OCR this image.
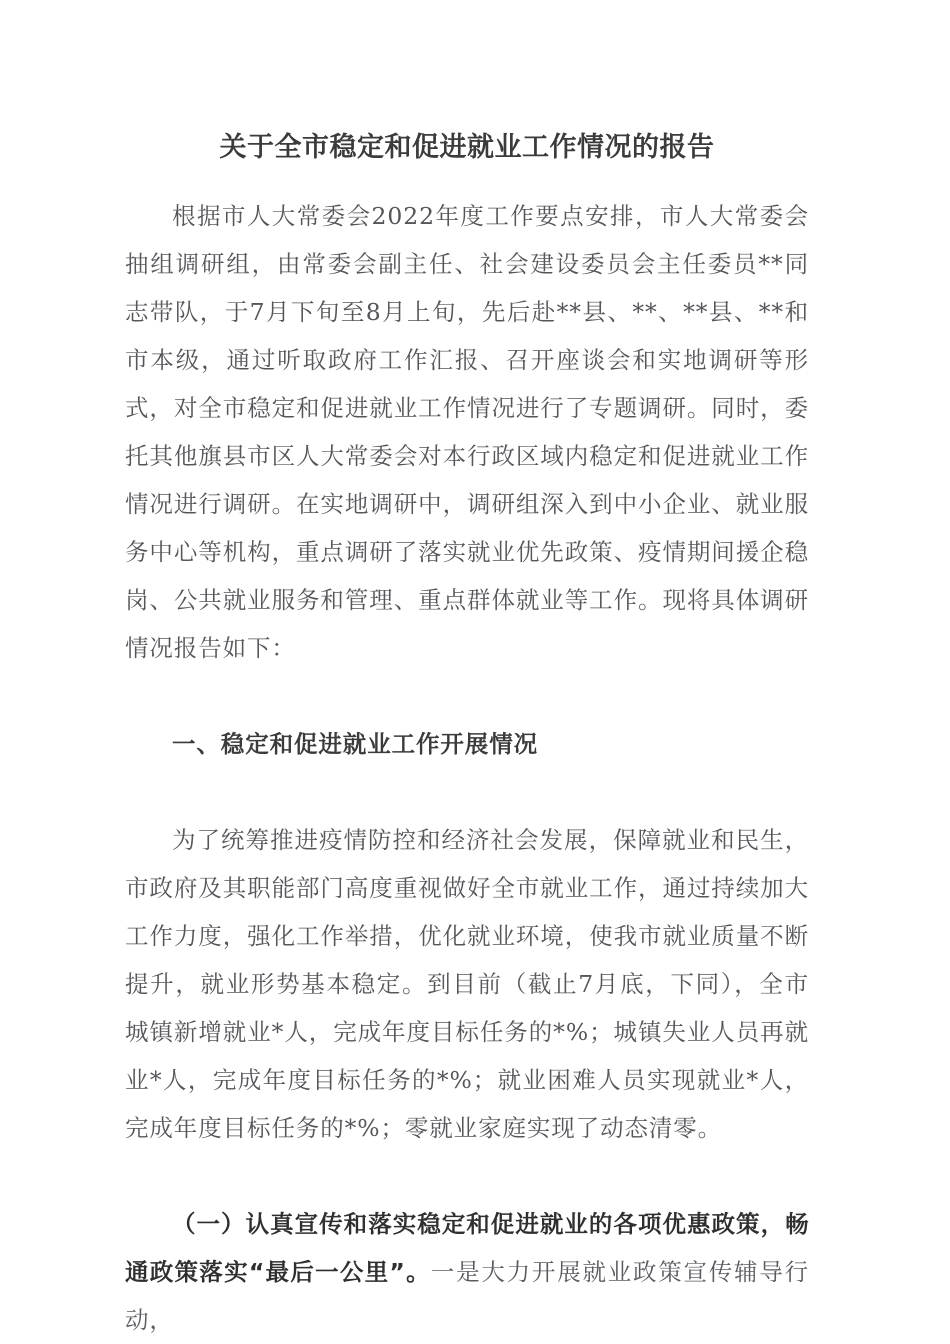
关于全市稳定和促进就业工作情况的报告

根据市人大常委会2022年度工作要点安排，市人大常委会抽组调研组，由常委会副主任、社会建设委员会主任委员**同志带队，于7月下旬至8月上旬，先后赴**县、**、**县、**和市本级，通过听取政府工作汇报、召开座谈会和实地调研等形式，对全市稳定和促进就业工作情况进行了专题调研。同时，委托其他旗县市区人大常委会对本行政区域内稳定和促进就业工作情况进行调研。在实地调研中，调研组深入到中小企业、就业服务中心等机构，重点调研了落实就业优先政策、疫情期间援企稳岗、公共就业服务和管理、重点群体就业等工作。现将具体调研情况报告如下：

一、稳定和促进就业工作开展情况

为了统筹推进疫情防控和经济社会发展，保障就业和民生，市政府及其职能部门高度重视做好全市就业工作，通过持续加大工作力度，强化工作举措，优化就业环境，使我市就业质量不断提升，就业形势基本稳定。到目前（截止7月底，下同），全市城镇新增就业*人，完成年度目标任务的*%；城镇失业人员再就业*人，完成年度目标任务的*%；就业困难人员实现就业*人，完成年度目标任务的*%；零就业家庭实现了动态清零。

（一）认真宣传和落实稳定和促进就业的各项优惠政策，畅通政策落实“最后一公里”。一是大力开展就业政策宣传辅导行动，
